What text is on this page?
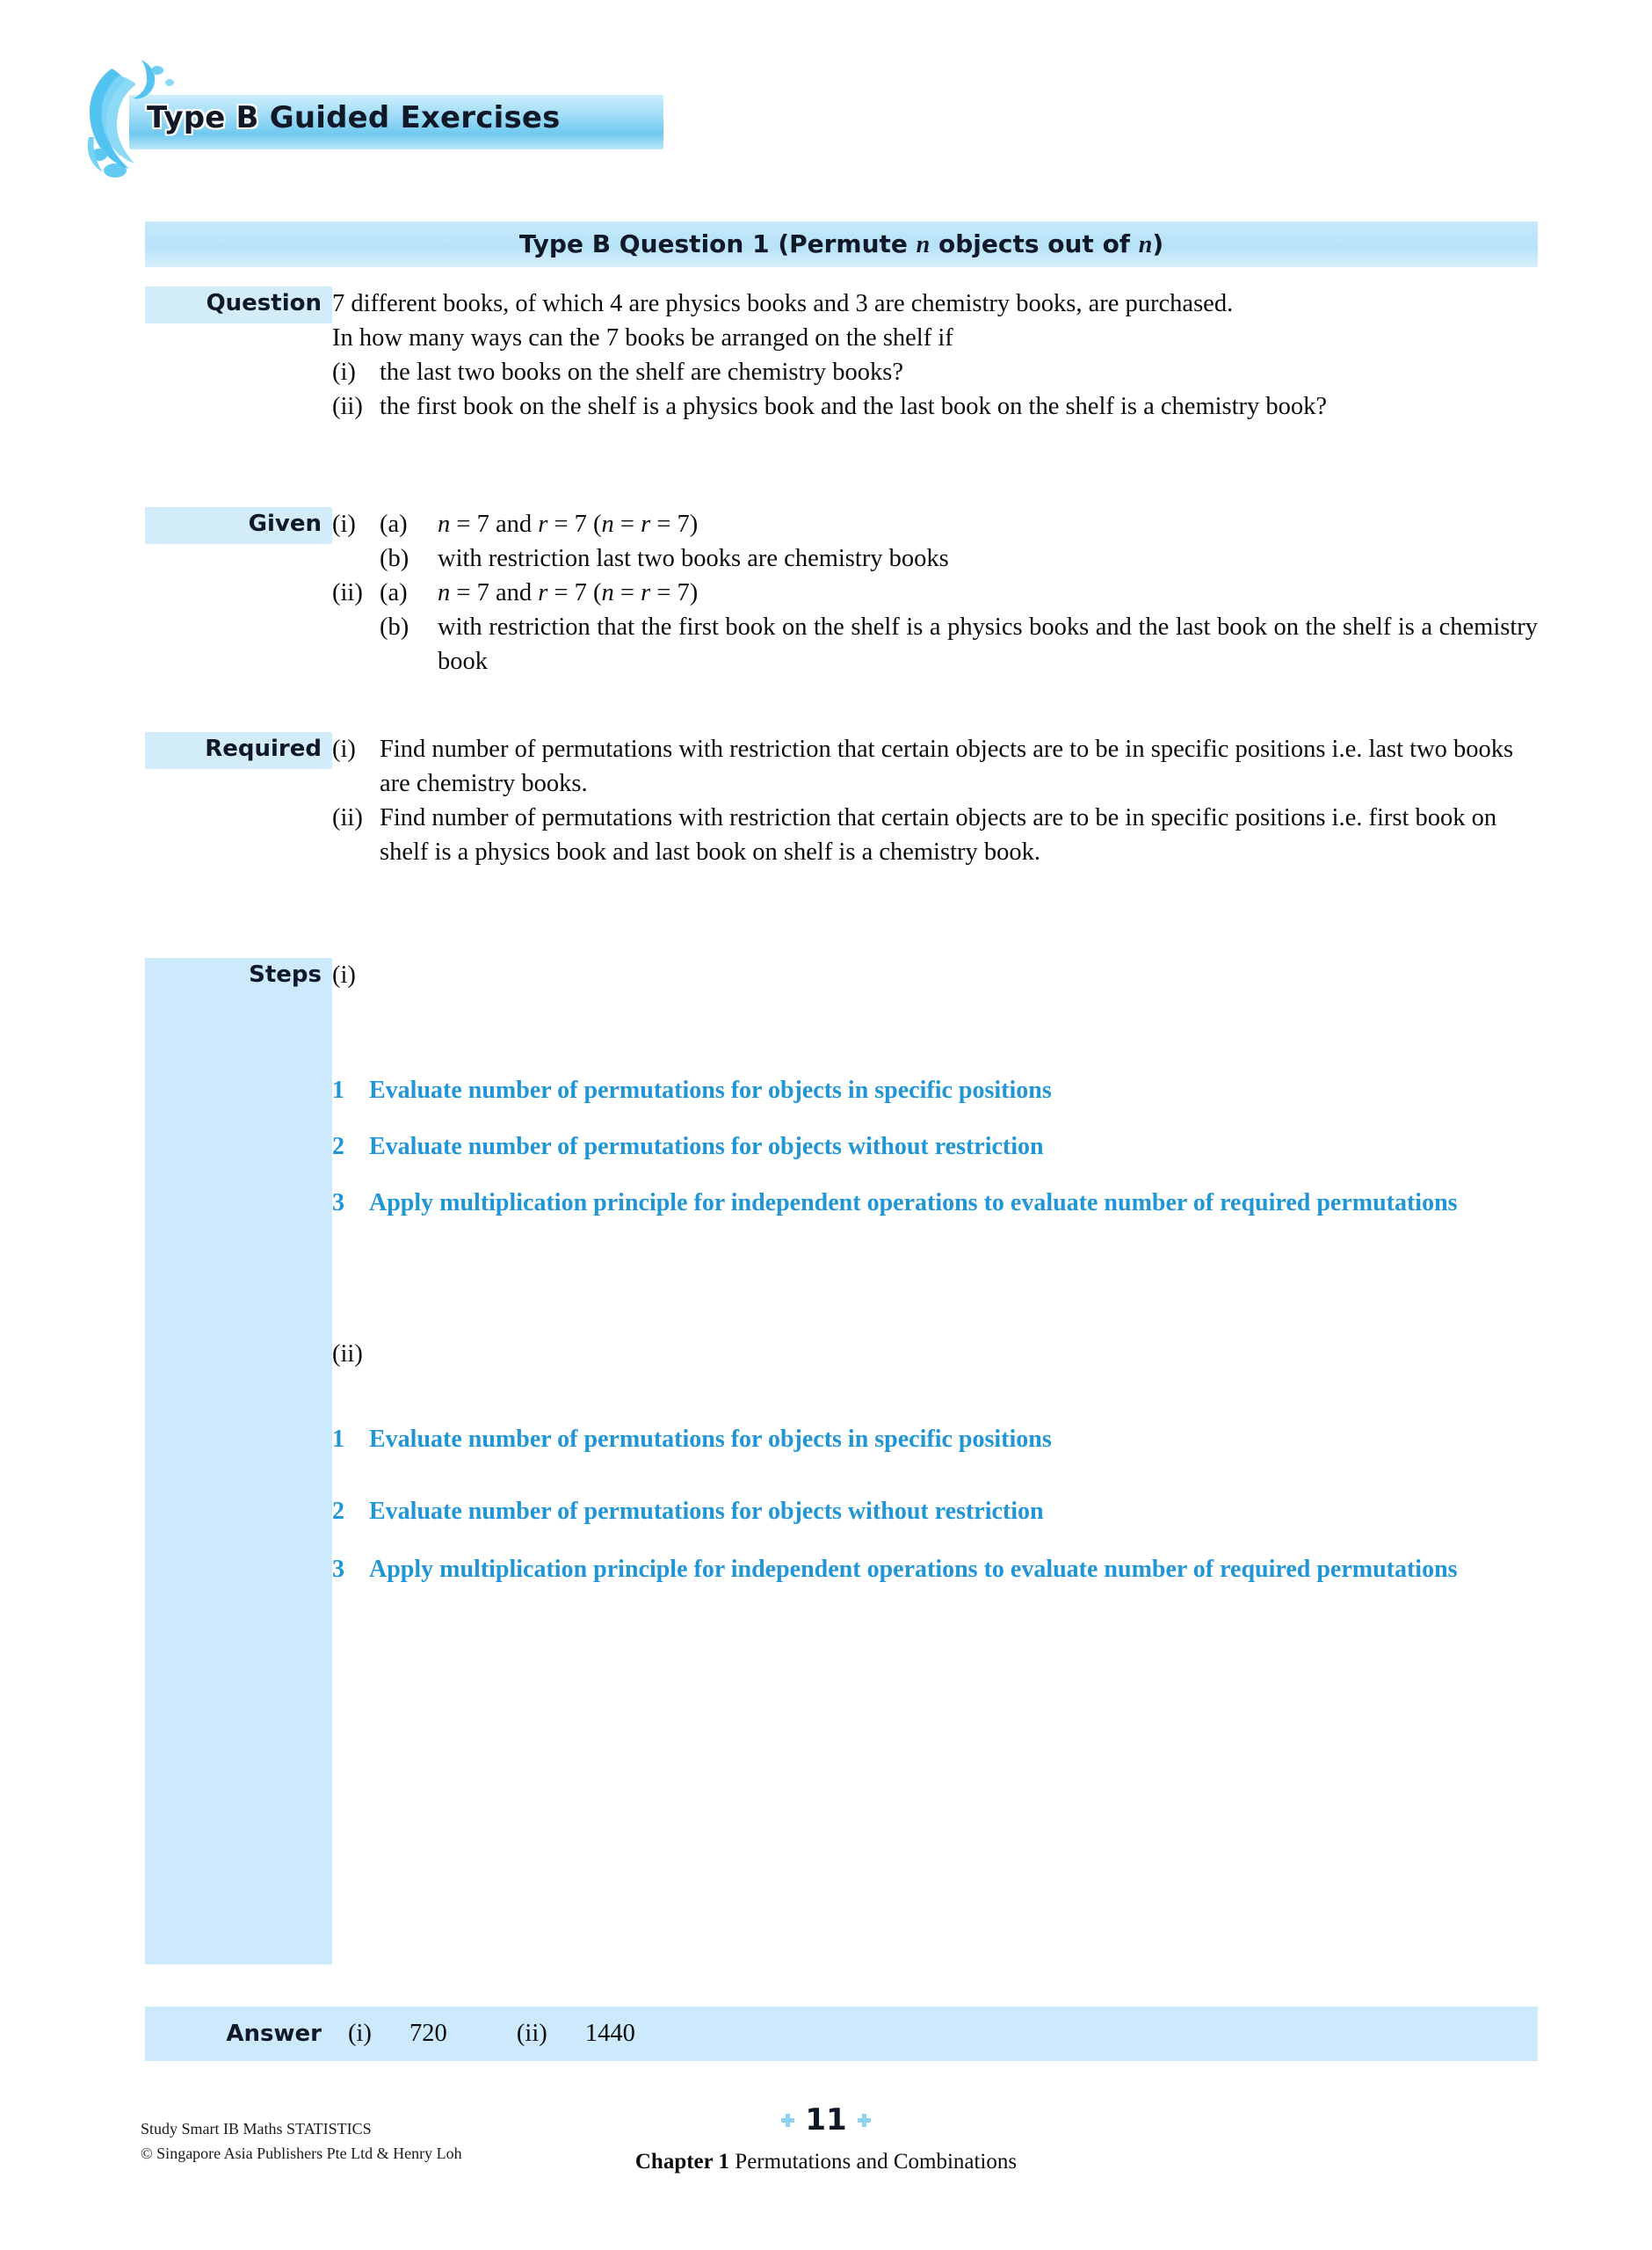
Type B Guided Exercises
Type B Question 1 (Permute n objects out of n)
Question 7 different books, of which 4 are physics books and 3 are chemistry books, are purchased.
In how many ways can the 7 books be arranged on the shelf if
(i) the last two books on the shelf are chemistry books?
(ii) the first book on the shelf is a physics book and the last book on the shelf is a chemistry book?
Given (i) (a)	n = 7 and r = 7 (n = r = 7)
(b)	with restriction last two books are chemistry books
(ii) (a)	n = 7 and r = 7 (n = r = 7)
(b)	with restriction that the first book on the shelf is a physics books and the last book on the shelf is a chemistry book
Required (i) Find number of permutations with restriction that certain objects are to be in specific positions i.e. last two books are chemistry books.
(ii) Find number of permutations with restriction that certain objects are to be in specific positions i.e. first book on shelf is a physics book and last book on shelf is a chemistry book.
Steps (i)
1	Evaluate number of permutations for objects in specific positions
2	Evaluate number of permutations for objects without restriction
3	Apply multiplication principle for independent operations to evaluate number of required permutations
(ii)
1	Evaluate number of permutations for objects in specific positions
2	Evaluate number of permutations for objects without restriction
3	Apply multiplication principle for independent operations to evaluate number of required permutations
Answer	(i) 720	(ii) 1440
Study Smart IB Maths STATISTICS
© Singapore Asia Publishers Pte Ltd & Henry Loh
11
Chapter 1 Permutations and Combinations
